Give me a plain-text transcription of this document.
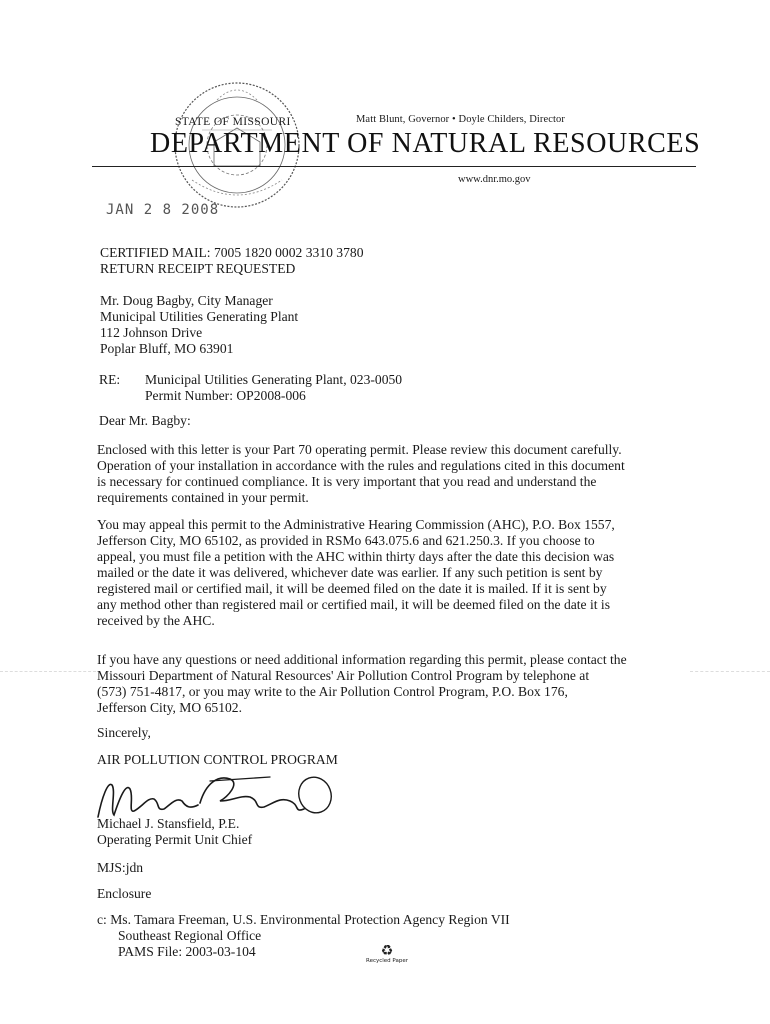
STATE OF MISSOURI	Matt Blunt, Governor • Doyle Childers, Director
DEPARTMENT OF NATURAL RESOURCES
www.dnr.mo.gov
JAN 2 8 2008
CERTIFIED MAIL: 7005 1820 0002 3310 3780
RETURN RECEIPT REQUESTED
Mr. Doug Bagby, City Manager
Municipal Utilities Generating Plant
112 Johnson Drive
Poplar Bluff, MO 63901
RE: Municipal Utilities Generating Plant, 023-0050
Permit Number: OP2008-006
Dear Mr. Bagby:

Enclosed with this letter is your Part 70 operating permit. Please review this document carefully.

Operation of your installation in accordance with the rules and regulations cited in this document

is necessary for continued compliance. It is very important that you read and understand the

requirements contained in your permit.

You may appeal this permit to the Administrative Hearing Commission (AHC), P.O. Box 1557,

Jefferson City, MO 65102, as provided in RSMo 643.075.6 and 621.250.3. If you choose to

appeal, you must file a petition with the AHC within thirty days after the date this decision was

mailed or the date it was delivered, whichever date was earlier. If any such petition is sent by

registered mail or certified mail, it will be deemed filed on the date it is mailed. If it is sent by

any method other than registered mail or certified mail, it will be deemed filed on the date it is

received by the AHC.

If you have any questions or need additional information regarding this permit, please contact the

Missouri Department of Natural Resources' Air Pollution Control Program by telephone at

(573) 751-4817, or you may write to the Air Pollution Control Program, P.O. Box 176,

Jefferson City, MO 65102.

Sincerely,
AIR POLLUTION CONTROL PROGRAM
Michael J. Stansfield, P.E.
Operating Permit Unit Chief
MJS:jdn
Enclosure
c: Ms. Tamara Freeman, U.S. Environmental Protection Agency Region VII
Southeast Regional Office
PAMS File: 2003-03-104	♻
Recycled Paper
